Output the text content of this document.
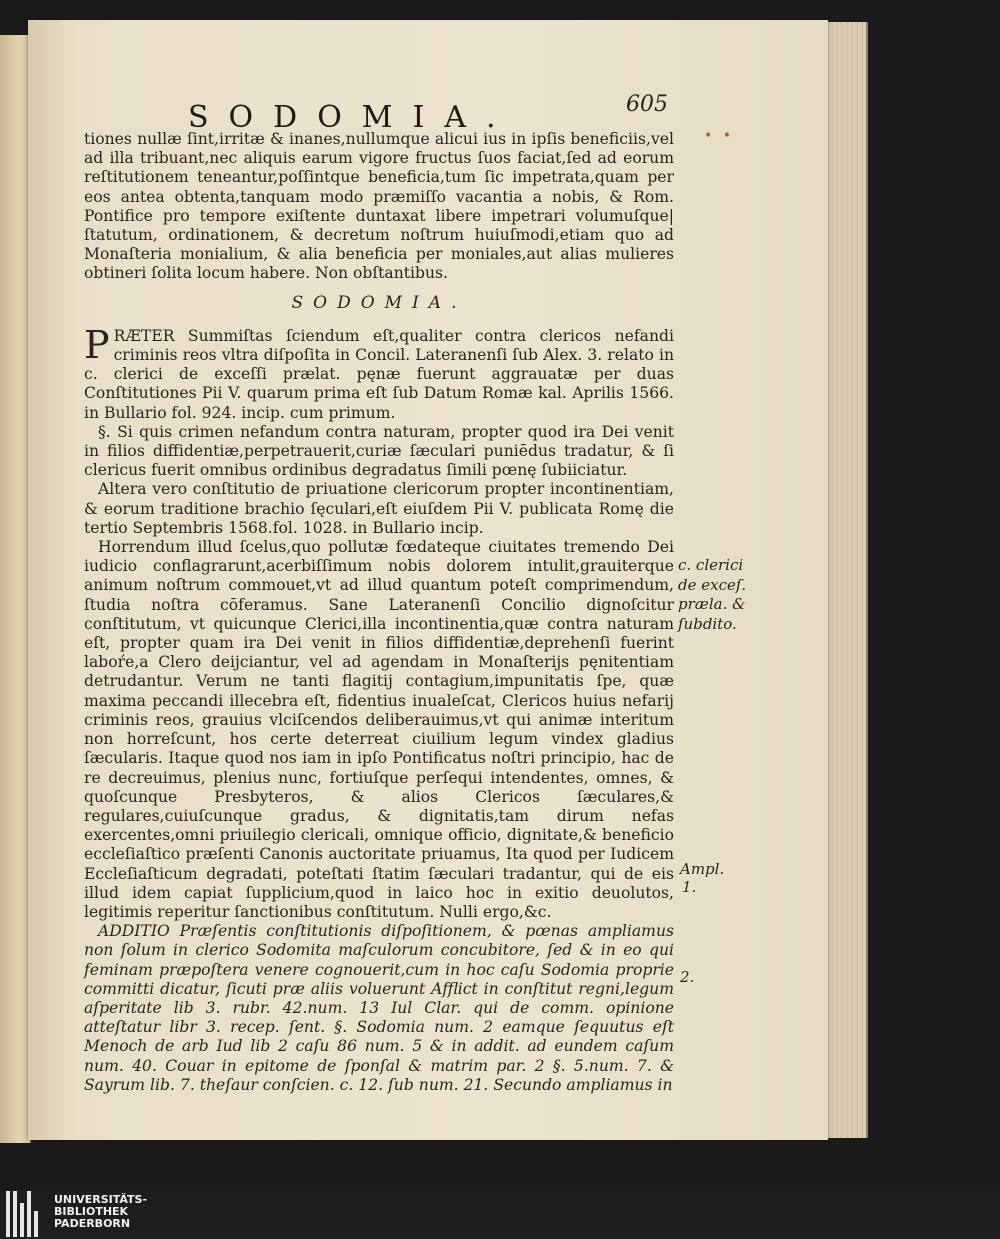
SODOMIA.	605
• •

tiones nullæ ſint,irritæ & inanes,nullumque alicui ius in ipſis beneficiis,vel ad illa tribuant,nec aliquis earum vigore fructus ſuos faciat,ſed ad eorum reſtitutionem teneantur,poſſintque beneficia,tum ſic impetrata,quam per eos antea obtenta,tanquam modo præmiſſo vacantia a nobis, & Rom. Pontifice pro tempore exiſtente duntaxat libere impetrari volumuſque|ſtatutum, ordinationem, & decretum noſtrum huiuſmodi,etiam quo ad Monaſteria monialium, & alia beneficia per moniales,aut alias mulieres obtineri ſolita locum habere. Non obſtantibus.

SODOMIA.

PRÆTER Summiſtas ſciendum eſt,qualiter contra clericos nefandi criminis reos vltra diſpoſita in Concil. Lateranenſi ſub Alex. 3. relato in c. clerici de exceſſi prælat. pęnæ fuerunt aggrauatæ per duas Conſtitutiones Pii V. quarum prima eſt ſub Datum Romæ kal. Aprilis 1566. in Bullario fol. 924. incip. cum primum.

§. Si quis crimen nefandum contra naturam, propter quod ira Dei venit in filios diffidentiæ,perpetrauerit,curiæ ſæculari puniēdus tradatur, & ſi clericus fuerit omnibus ordinibus degradatus ſimili pœnę ſubiiciatur.

Altera vero conſtitutio de priuatione clericorum propter incontinentiam, & eorum traditione brachio ſęculari,eſt eiuſdem Pii V. publicata Romę die tertio Septembris 1568.fol. 1028. in Bullario incip.

Horrendum illud ſcelus,quo pollutæ fœdateque ciuitates tremendo Dei iudicio conflagrarunt,acerbiſſimum nobis dolorem intulit,grauiterque animum noſtrum commouet,vt ad illud quantum poteſt comprimendum, ſtudia noſtra cōferamus. Sane Lateranenſi Concilio dignoſcitur conſtitutum, vt quicunque Clerici,illa incontinentia,quæ contra naturam eſt, propter quam ira Dei venit in filios diffidentiæ,deprehenſi fuerint laboŕe,a Clero deijciantur, vel ad agendam in Monaſterijs pęnitentiam detrudantur. Verum ne tanti flagitij contagium,impunitatis ſpe, quæ maxima peccandi illecebra eſt, fidentius inualeſcat, Clericos huius nefarij criminis reos, grauius vlciſcendos deliberauimus,vt qui animæ interitum non horreſcunt, hos certe deterreat ciuilium legum vindex gladius ſæcularis. Itaque quod nos iam in ipſo Pontificatus noſtri principio, hac de re decreuimus, plenius nunc, fortiuſque perſequi intendentes, omnes, & quoſcunque Presbyteros, & alios Clericos ſæculares,& regulares,cuiuſcunque gradus, & dignitatis,tam dirum nefas exercentes,omni priuilegio clericali, omnique officio, dignitate,& beneficio eccleſiaſtico præſenti Canonis auctoritate priuamus, Ita quod per Iudicem Eccleſiaſticum degradati, poteſtati ſtatim ſæculari tradantur, qui de eis illud idem capiat ſupplicium,quod in laico hoc in exitio deuolutos, legitimis reperitur ſanctionibus conſtitutum. Nulli ergo,&c.

ADDITIO Præſentis conſtitutionis diſpoſitionem, & pœnas ampliamus non ſolum in clerico Sodomita maſculorum concubitore, ſed & in eo qui feminam præpoſtera venere cognouerit,cum in hoc caſu Sodomia proprie committi dicatur, ſicuti præ aliis voluerunt Afflict in conſtitut regni,legum aſperitate lib 3. rubr. 42.num. 13 Iul Clar. qui de comm. opinione atteſtatur libr 3. recep. ſent. §. Sodomia num. 2 eamque ſequutus eſt Menoch de arb Iud lib 2 caſu 86 num. 5 & in addit. ad eundem caſum num. 40. Couar in epitome de ſponſal & matrim par. 2 §. 5.num. 7. & Sayrum lib. 7. theſaur conſcien. c. 12. ſub num. 21. Secundo ampliamus in

c. clerici de exceſ. præla. & ſubdito.
Ampl.
1.
2.
UNIVERSITÄTS-
BIBLIOTHEK
PADERBORN
